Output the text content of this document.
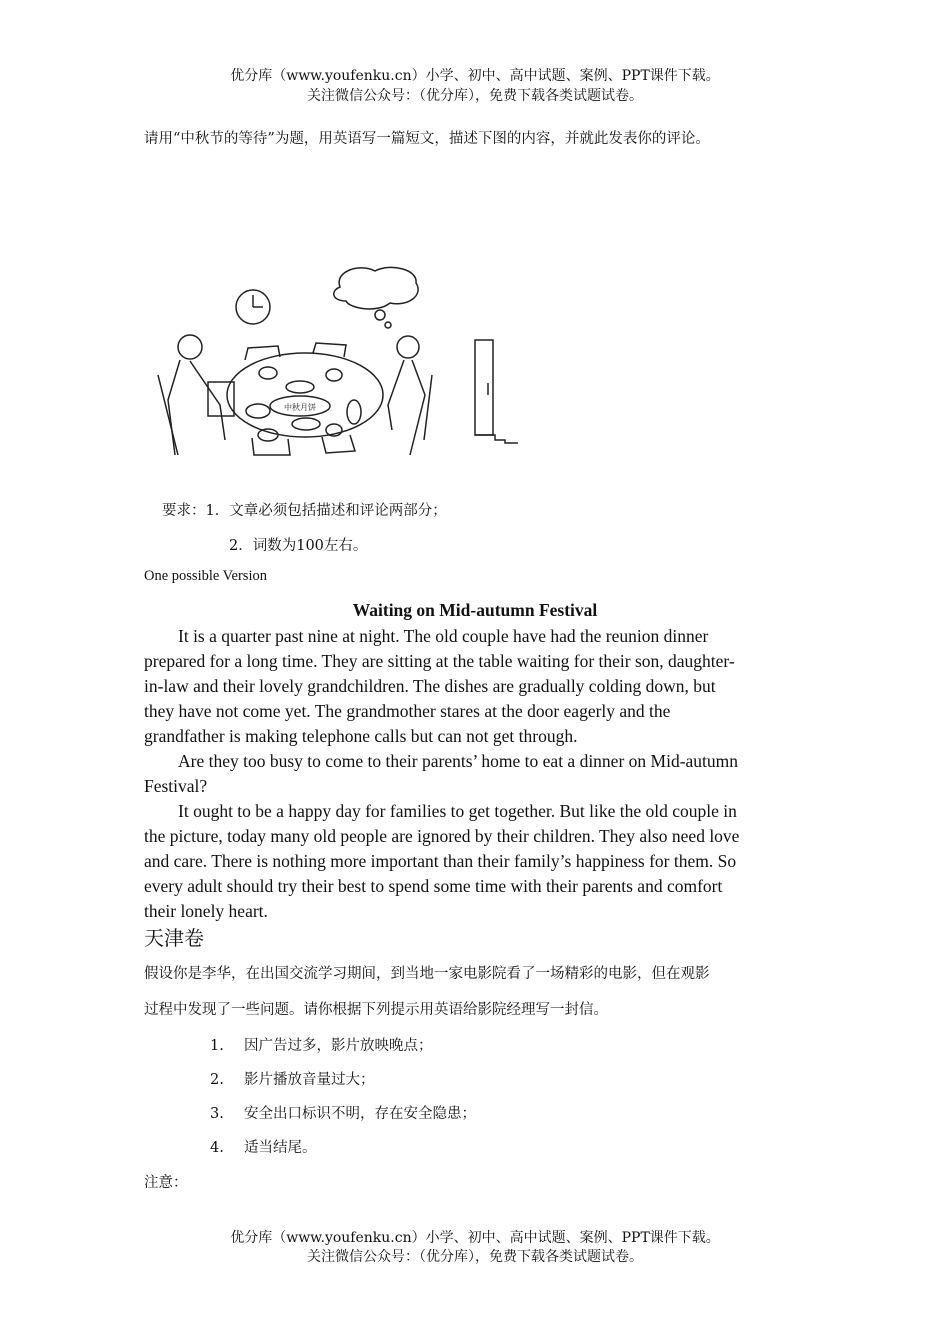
优分库（www.youfenku.cn）小学、初中、高中试题、案例、PPT课件下载。
关注微信公众号：（优分库），免费下载各类试题试卷。
请用“中秋节的等待”为题，用英语写一篇短文，描述下图的内容，并就此发表你的评论。
中秋月饼
要求：1．文章必须包括描述和评论两部分；
2．词数为100左右。
One possible Version
Waiting on Mid-autumn Festival
It is a quarter past nine at night. The old couple have had the reunion dinner
prepared for a long time. They are sitting at the table waiting for their son, daughter-
in-law and their lovely grandchildren. The dishes are gradually colding down, but
they have not come yet. The grandmother stares at the door eagerly and the
grandfather is making telephone calls but can not get through.
Are they too busy to come to their parents’ home to eat a dinner on Mid-autumn
Festival?
It ought to be a happy day for families to get together. But like the old couple in
the picture, today many old people are ignored by their children. They also need love
and care. There is nothing more important than their family’s happiness for them. So
every adult should try their best to spend some time with their parents and comfort
their lonely heart.
天津卷
假设你是李华，在出国交流学习期间，到当地一家电影院看了一场精彩的电影，但在观影
过程中发现了一些问题。请你根据下列提示用英语给影院经理写一封信。
1. 因广告过多，影片放映晚点；
2. 影片播放音量过大；
3. 安全出口标识不明，存在安全隐患；
4. 适当结尾。
注意：
优分库（www.youfenku.cn）小学、初中、高中试题、案例、PPT课件下载。
关注微信公众号：（优分库），免费下载各类试题试卷。
